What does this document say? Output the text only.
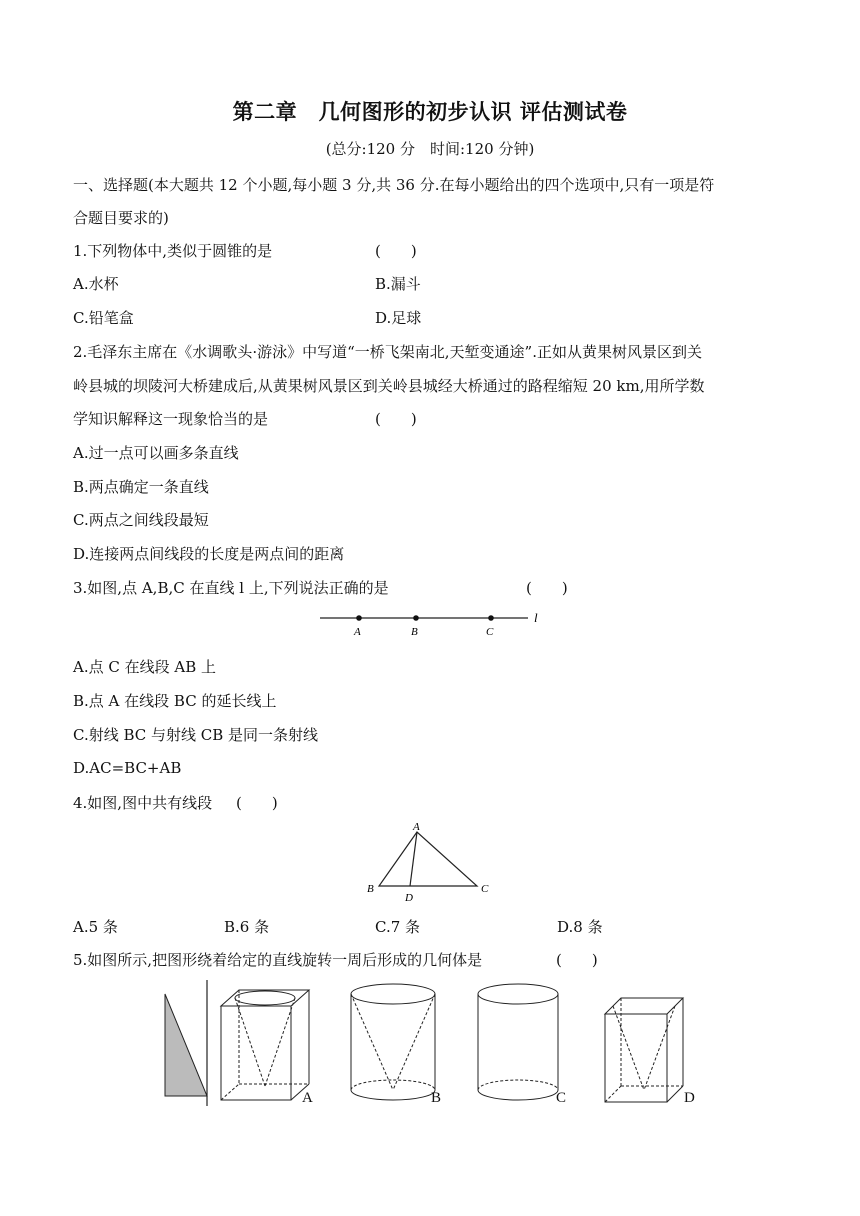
第二章　几何图形的初步认识 评估测试卷
(总分:120 分　时间:120 分钟)
一、选择题(本大题共 12 个小题,每小题 3 分,共 36 分.在每小题给出的四个选项中,只有一项是符
合题目要求的)
1.下列物体中,类似于圆锥的是	(　　)
A.水杯	B.漏斗
C.铅笔盒	D.足球
2.毛泽东主席在《水调歌头·游泳》中写道“一桥飞架南北,天堑变通途”.正如从黄果树风景区到关
岭县城的坝陵河大桥建成后,从黄果树风景区到关岭县城经大桥通过的路程缩短 20 km,用所学数
学知识解释这一现象恰当的是	(　　)
A.过一点可以画多条直线
B.两点确定一条直线
C.两点之间线段最短
D.连接两点间线段的长度是两点间的距离
3.如图,点 A,B,C 在直线 l 上,下列说法正确的是	(　　)
A	B	C
l
A.点 C 在线段 AB 上
B.点 A 在线段 BC 的延长线上
C.射线 BC 与射线 CB 是同一条射线
D.AC=BC+AB
4.如图,图中共有线段 (　　)
A
B
D
C
A.5 条	B.6 条	C.7 条	D.8 条
5.如图所示,把图形绕着给定的直线旋转一周后形成的几何体是	(　　)
A	B	C	D
